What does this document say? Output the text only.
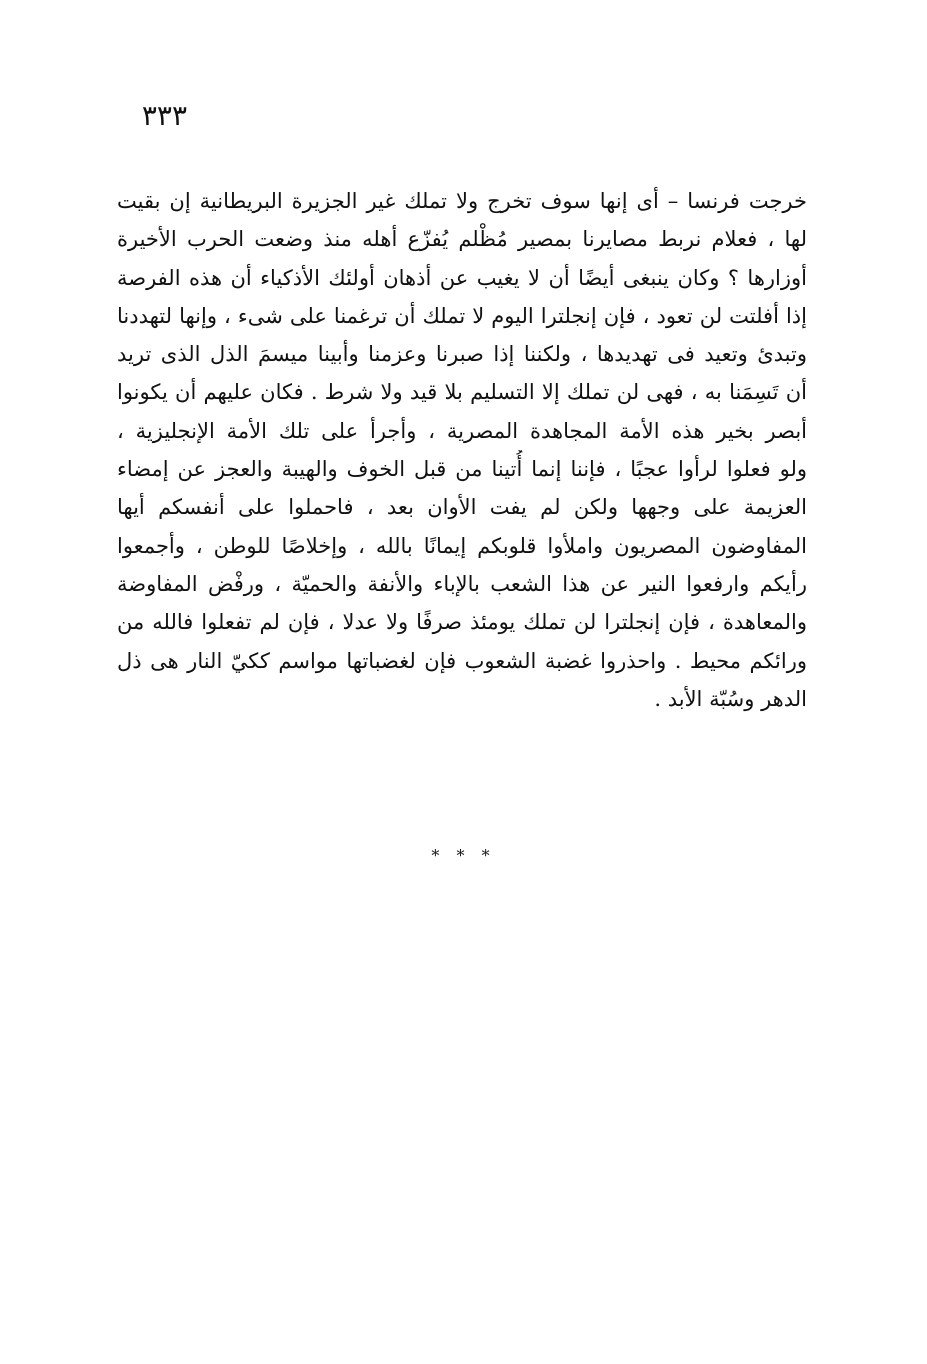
٣٣٣
خرجت فرنسا – أى إنها سوف تخرج ولا تملك غير الجزيرة البريطانية إن بقيت
لها ، فعلام نربط مصايرنا بمصير مُظْلم يُفزّع أهله منذ وضعت الحرب الأخيرة
أوزارها ؟ وكان ينبغى أيضًا أن لا يغيب عن أذهان أولئك الأذكياء أن هذه الفرصة
إذا أفلتت لن تعود ، فإن إنجلترا اليوم لا تملك أن ترغمنا على شىء ، وإنها لتهددنا
وتبدئ وتعيد فى تهديدها ، ولكننا إذا صبرنا وعزمنا وأبينا ميسمَ الذل الذى تريد
أن تَسِمَنا به ، فهى لن تملك إلا التسليم بلا قيد ولا شرط . فكان عليهم أن يكونوا
أبصر بخير هذه الأمة المجاهدة المصرية ، وأجرأ على تلك الأمة الإنجليزية ،
ولو فعلوا لرأوا عجبًا ، فإننا إنما أُتينا من قبل الخوف والهيبة والعجز عن إمضاء
العزيمة على وجهها ولكن لم يفت الأوان بعد ، فاحملوا على أنفسكم أيها
المفاوضون المصريون واملأوا قلوبكم إيمانًا بالله ، وإخلاصًا للوطن ، وأجمعوا
رأيكم وارفعوا النير عن هذا الشعب بالإباء والأنفة والحميّة ، ورفْض المفاوضة
والمعاهدة ، فإن إنجلترا لن تملك يومئذ صرفًا ولا عدلا ، فإن لم تفعلوا فالله من
ورائكم محيط . واحذروا غضبة الشعوب فإن لغضباتها مواسم ككيّ النار هى ذل
الدهر وسُبّة الأبد .
* * *
